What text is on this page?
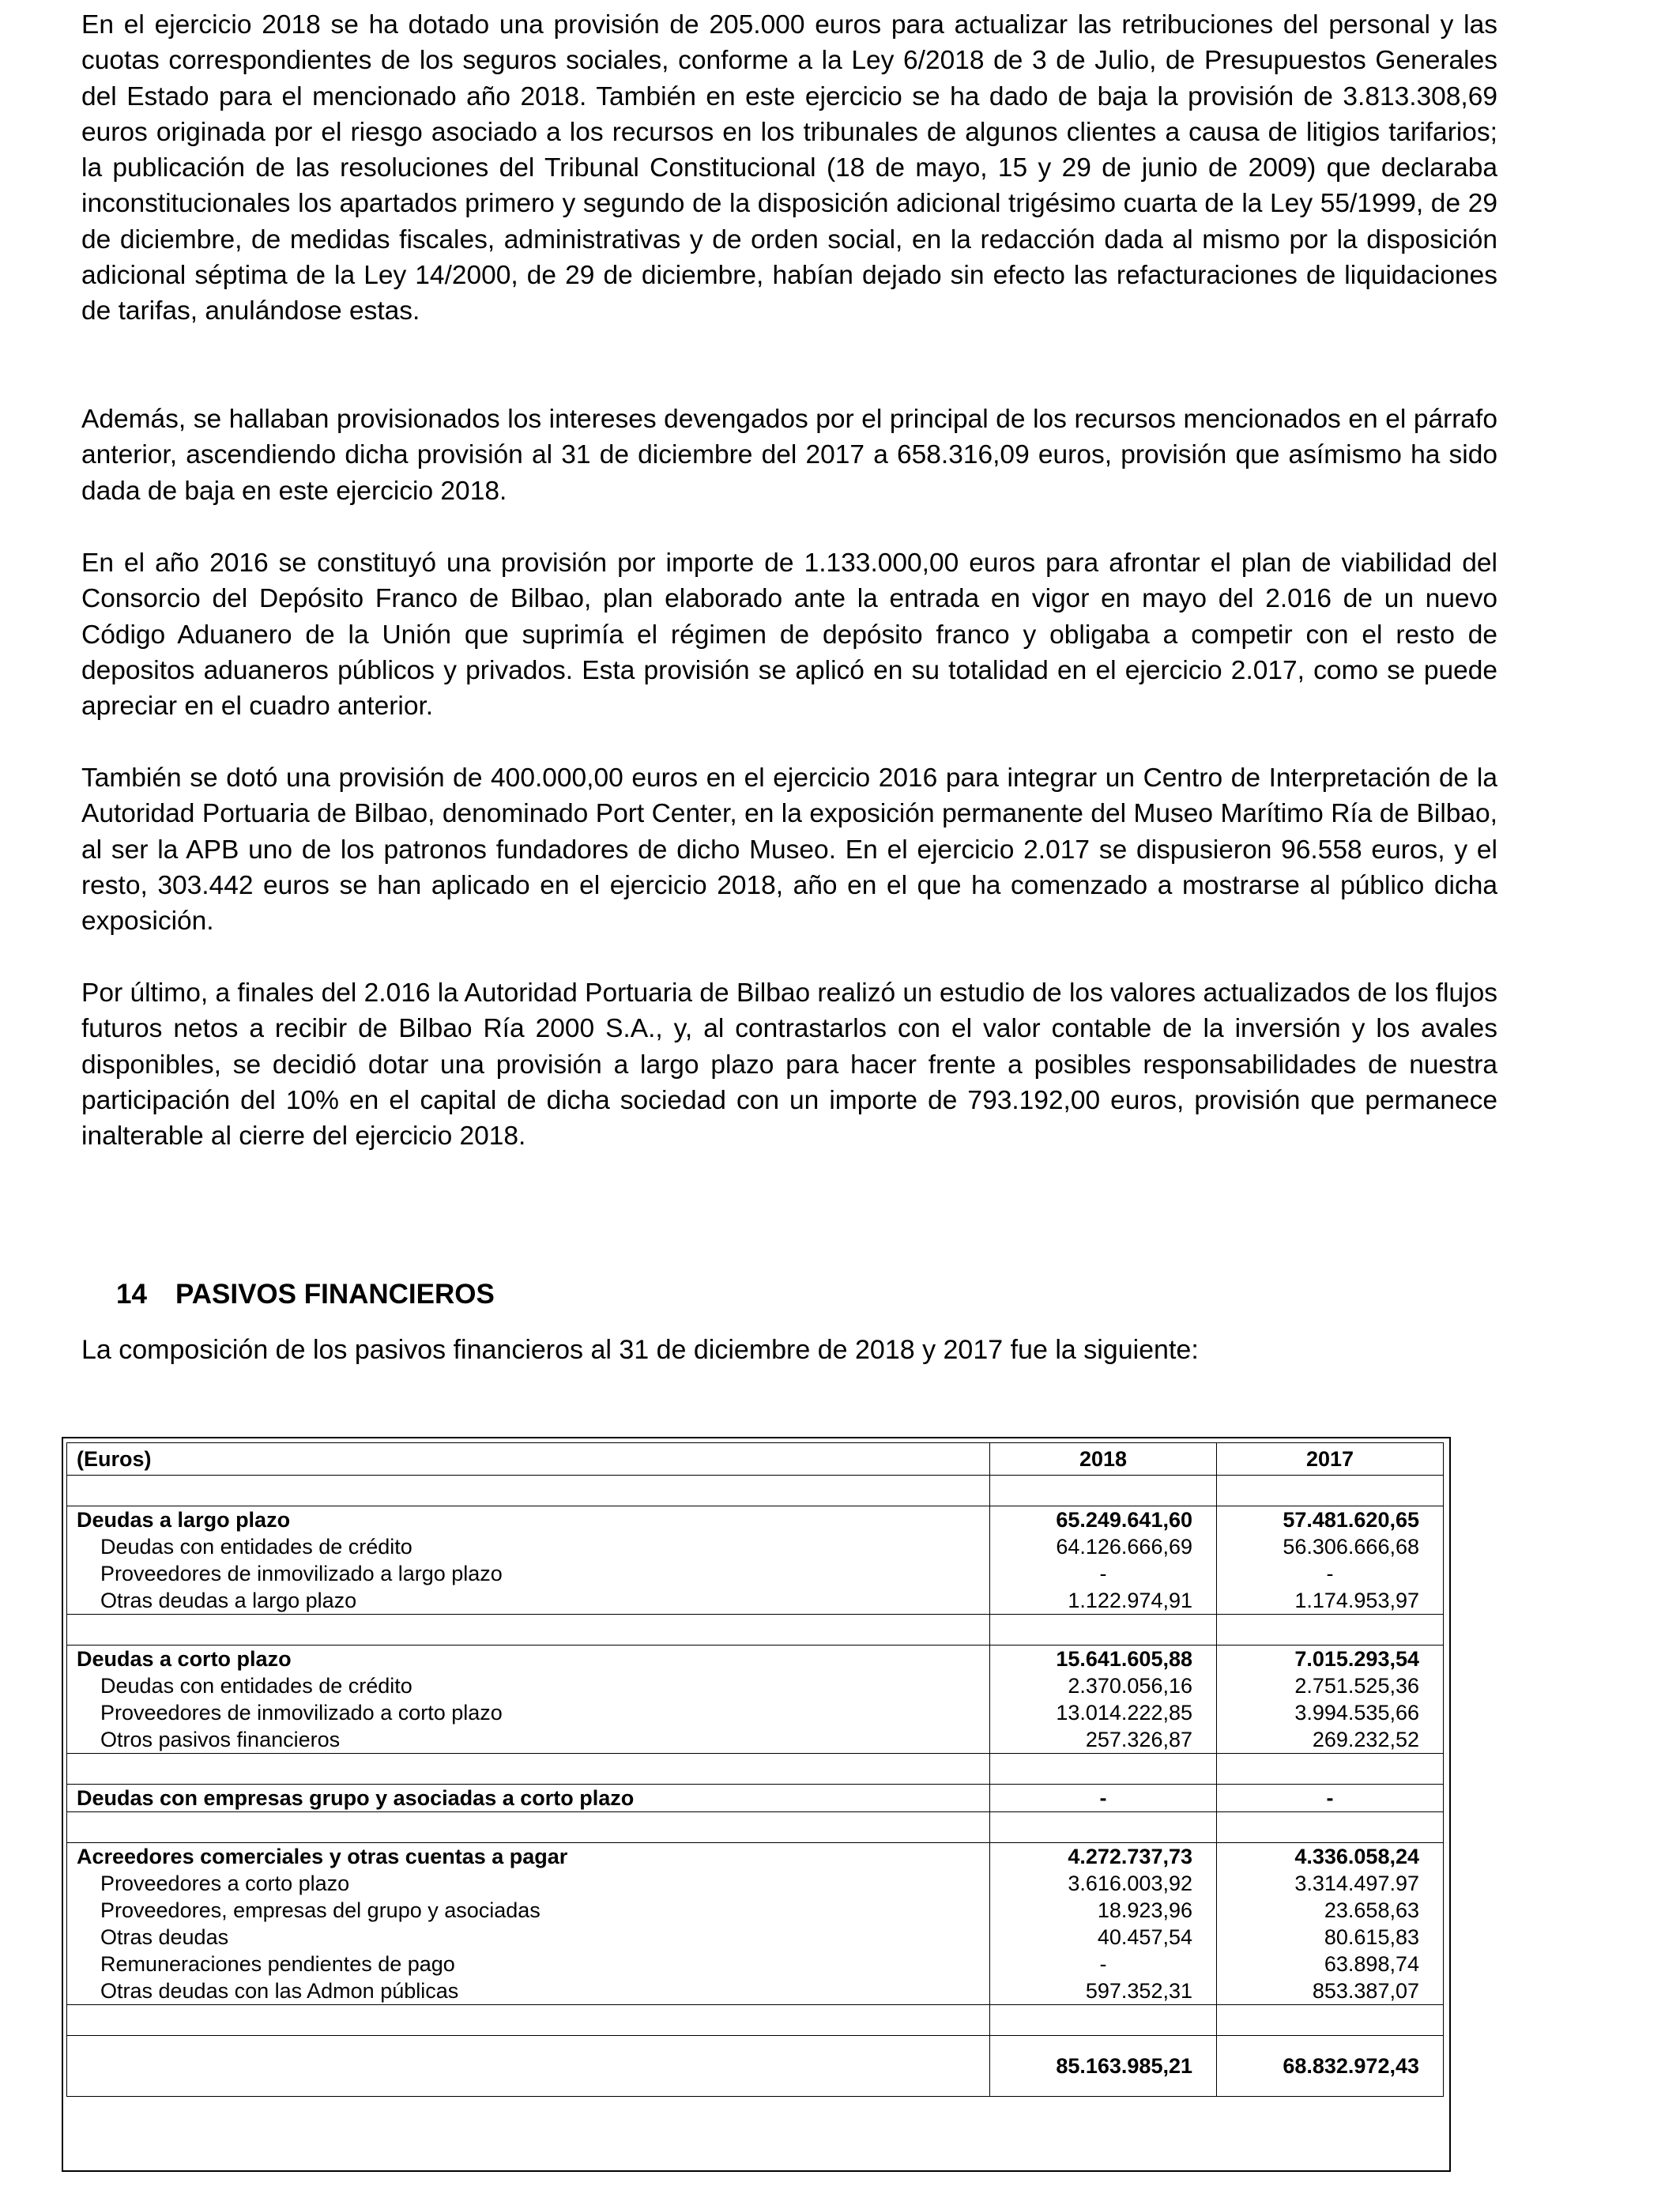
En el ejercicio 2018 se ha dotado una provisión de 205.000 euros para actualizar las retribuciones del personal y las cuotas correspondientes de los seguros sociales, conforme a la Ley 6/2018 de 3 de Julio, de Presupuestos Generales del Estado para el mencionado año 2018. También en este ejercicio se ha dado de baja la provisión de 3.813.308,69 euros originada por el riesgo asociado a los recursos en los tribunales de algunos clientes a causa de litigios tarifarios; la publicación de las resoluciones del Tribunal Constitucional (18 de mayo, 15 y 29 de junio de 2009) que declaraba inconstitucionales los apartados primero y segundo de la disposición adicional trigésimo cuarta de la Ley 55/1999, de 29 de diciembre, de medidas fiscales, administrativas y de orden social, en la redacción dada al mismo por la disposición adicional séptima de la Ley 14/2000, de 29 de diciembre, habían dejado sin efecto las refacturaciones de liquidaciones de tarifas, anulándose estas.

Además, se hallaban provisionados los intereses devengados por el principal de los recursos mencionados en el párrafo anterior, ascendiendo dicha provisión al 31 de diciembre del 2017 a 658.316,09 euros, provisión que asímismo ha sido dada de baja en este ejercicio 2018.

En el año 2016 se constituyó una provisión por importe de 1.133.000,00 euros para afrontar el plan de viabilidad del Consorcio del Depósito Franco de Bilbao, plan elaborado ante la entrada en vigor en mayo del 2.016 de un nuevo Código Aduanero de la Unión que suprimía el régimen de depósito franco y obligaba a competir con el resto de depositos aduaneros públicos y privados. Esta provisión se aplicó en su totalidad en el ejercicio 2.017, como se puede apreciar en el cuadro anterior.

También se dotó una provisión de 400.000,00 euros en el ejercicio 2016 para integrar un Centro de Interpretación de la Autoridad Portuaria de Bilbao, denominado Port Center, en la exposición permanente del Museo Marítimo Ría de Bilbao, al ser la APB uno de los patronos fundadores de dicho Museo. En el ejercicio 2.017 se dispusieron 96.558 euros, y el resto, 303.442 euros se han aplicado en el ejercicio 2018, año en el que ha comenzado a mostrarse al público dicha exposición.

Por último, a finales del 2.016 la Autoridad Portuaria de Bilbao realizó un estudio de los valores actualizados de los flujos futuros netos a recibir de Bilbao Ría 2000 S.A., y, al contrastarlos con el valor contable de la inversión y los avales disponibles, se decidió dotar una provisión a largo plazo para hacer frente a posibles responsabilidades de nuestra participación del 10% en el capital de dicha sociedad con un importe de 793.192,00 euros, provisión que permanece inalterable al cierre del ejercicio 2018.

14 PASIVOS FINANCIEROS

La composición de los pasivos financieros al 31 de diciembre de 2018 y 2017 fue la siguiente:

(Euros)	2018	2017

Deudas a largo plazo	65.249.641,60	57.481.620,65
Deudas con entidades de crédito	64.126.666,69	56.306.666,68
Proveedores de inmovilizado a largo plazo	-	-
Otras deudas a largo plazo	1.122.974,91	1.174.953,97

Deudas a corto plazo	15.641.605,88	7.015.293,54
Deudas con entidades de crédito	2.370.056,16	2.751.525,36
Proveedores de inmovilizado a corto plazo	13.014.222,85	3.994.535,66
Otros pasivos financieros	257.326,87	269.232,52

Deudas con empresas grupo y asociadas a corto plazo	-	-

Acreedores comerciales y otras cuentas a pagar	4.272.737,73	4.336.058,24
Proveedores a corto plazo	3.616.003,92	3.314.497.97
Proveedores, empresas del grupo y asociadas	18.923,96	23.658,63
Otras deudas	40.457,54	80.615,83
Remuneraciones pendientes de pago	-	63.898,74
Otras deudas con las Admon públicas	597.352,31	853.387,07

	85.163.985,21	68.832.972,43
